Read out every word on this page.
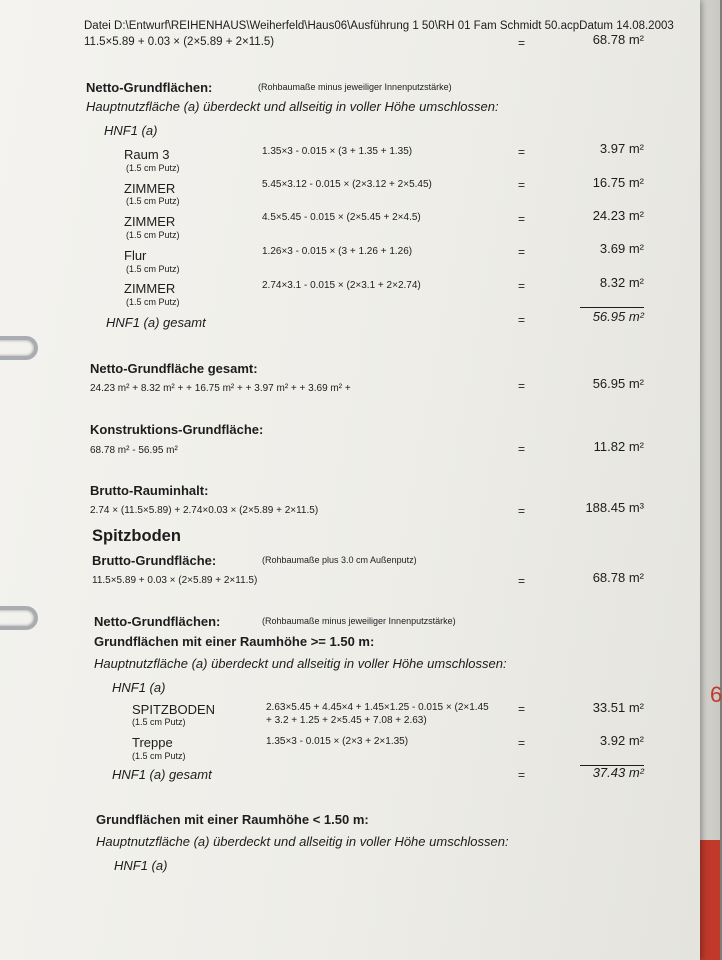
6
Datei D:\Entwurf\REIHENHAUS\Weiherfeld\Haus06\Ausführung 1 50\RH 01 Fam Schmidt 50.acpDatum 14.08.2003
11.5×5.89 + 0.03 × (2×5.89 + 2×11.5)	=	68.78 m²
Netto-Grundflächen:	(Rohbaumaße minus jeweiliger Innenputzstärke)
Hauptnutzfläche (a) überdeckt und allseitig in voller Höhe umschlossen:
HNF1 (a)
Raum 3
(1.5 cm Putz)
1.35×3 - 0.015 × (3 + 1.35 + 1.35)	=	3.97 m²
ZIMMER
(1.5 cm Putz)
5.45×3.12 - 0.015 × (2×3.12 + 2×5.45)	=	16.75 m²
ZIMMER
(1.5 cm Putz)
4.5×5.45 - 0.015 × (2×5.45 + 2×4.5)	=	24.23 m²
Flur
(1.5 cm Putz)
1.26×3 - 0.015 × (3 + 1.26 + 1.26)	=	3.69 m²
ZIMMER
(1.5 cm Putz)
2.74×3.1 - 0.015 × (2×3.1 + 2×2.74)	=	8.32 m²
HNF1 (a) gesamt	=	56.95 m²
Netto-Grundfläche gesamt:
24.23 m² + 8.32 m² + + 16.75 m² + + 3.97 m² + + 3.69 m² +	=	56.95 m²
Konstruktions-Grundfläche:
68.78 m² - 56.95 m²	=	11.82 m²
Brutto-Rauminhalt:
2.74 × (11.5×5.89) + 2.74×0.03 × (2×5.89 + 2×11.5)	=	188.45 m³
Spitzboden
Brutto-Grundfläche:	(Rohbaumaße plus 3.0 cm Außenputz)
11.5×5.89 + 0.03 × (2×5.89 + 2×11.5)	=	68.78 m²
Netto-Grundflächen:	(Rohbaumaße minus jeweiliger Innenputzstärke)
Grundflächen mit einer Raumhöhe >= 1.50 m:
Hauptnutzfläche (a) überdeckt und allseitig in voller Höhe umschlossen:
HNF1 (a)
SPITZBODEN
(1.5 cm Putz)
2.63×5.45 + 4.45×4 + 1.45×1.25 - 0.015 × (2×1.45
+ 3.2 + 1.25 + 2×5.45 + 7.08 + 2.63)
=	33.51 m²
Treppe
(1.5 cm Putz)
1.35×3 - 0.015 × (2×3 + 2×1.35)	=	3.92 m²
HNF1 (a) gesamt	=	37.43 m²
Grundflächen mit einer Raumhöhe < 1.50 m:
Hauptnutzfläche (a) überdeckt und allseitig in voller Höhe umschlossen:
HNF1 (a)
